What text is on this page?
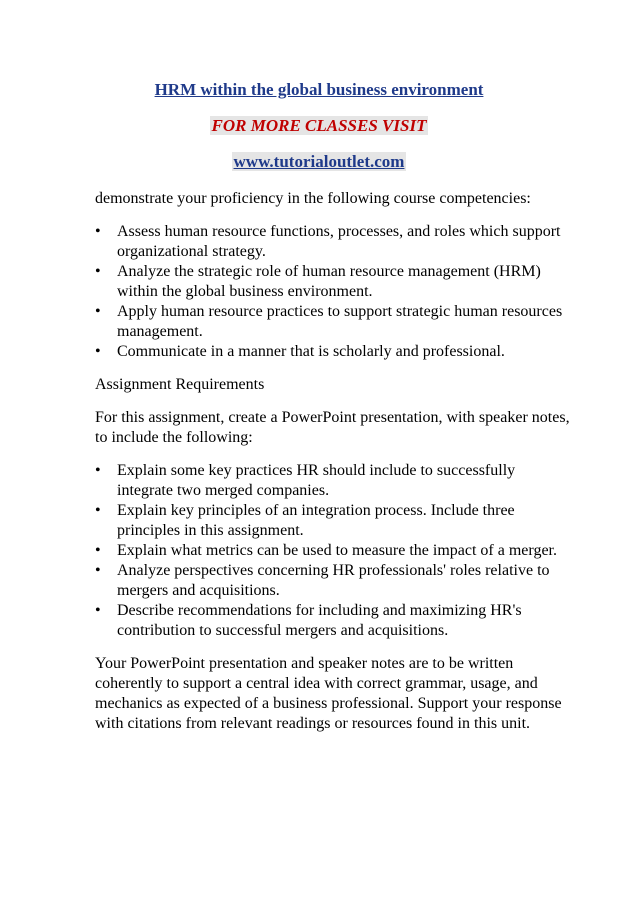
HRM within the global business environment
FOR MORE CLASSES VISIT
www.tutorialoutlet.com

demonstrate your proficiency in the following course competencies:

• Assess human resource functions, processes, and roles which support organizational strategy.
• Analyze the strategic role of human resource management (HRM) within the global business environment.
• Apply human resource practices to support strategic human resources management.
• Communicate in a manner that is scholarly and professional.

Assignment Requirements

For this assignment, create a PowerPoint presentation, with speaker notes, to include the following:

• Explain some key practices HR should include to successfully integrate two merged companies.
• Explain key principles of an integration process. Include three principles in this assignment.
• Explain what metrics can be used to measure the impact of a merger.
• Analyze perspectives concerning HR professionals' roles relative to mergers and acquisitions.
• Describe recommendations for including and maximizing HR's contribution to successful mergers and acquisitions.

Your PowerPoint presentation and speaker notes are to be written coherently to support a central idea with correct grammar, usage, and mechanics as expected of a business professional. Support your response with citations from relevant readings or resources found in this unit.
